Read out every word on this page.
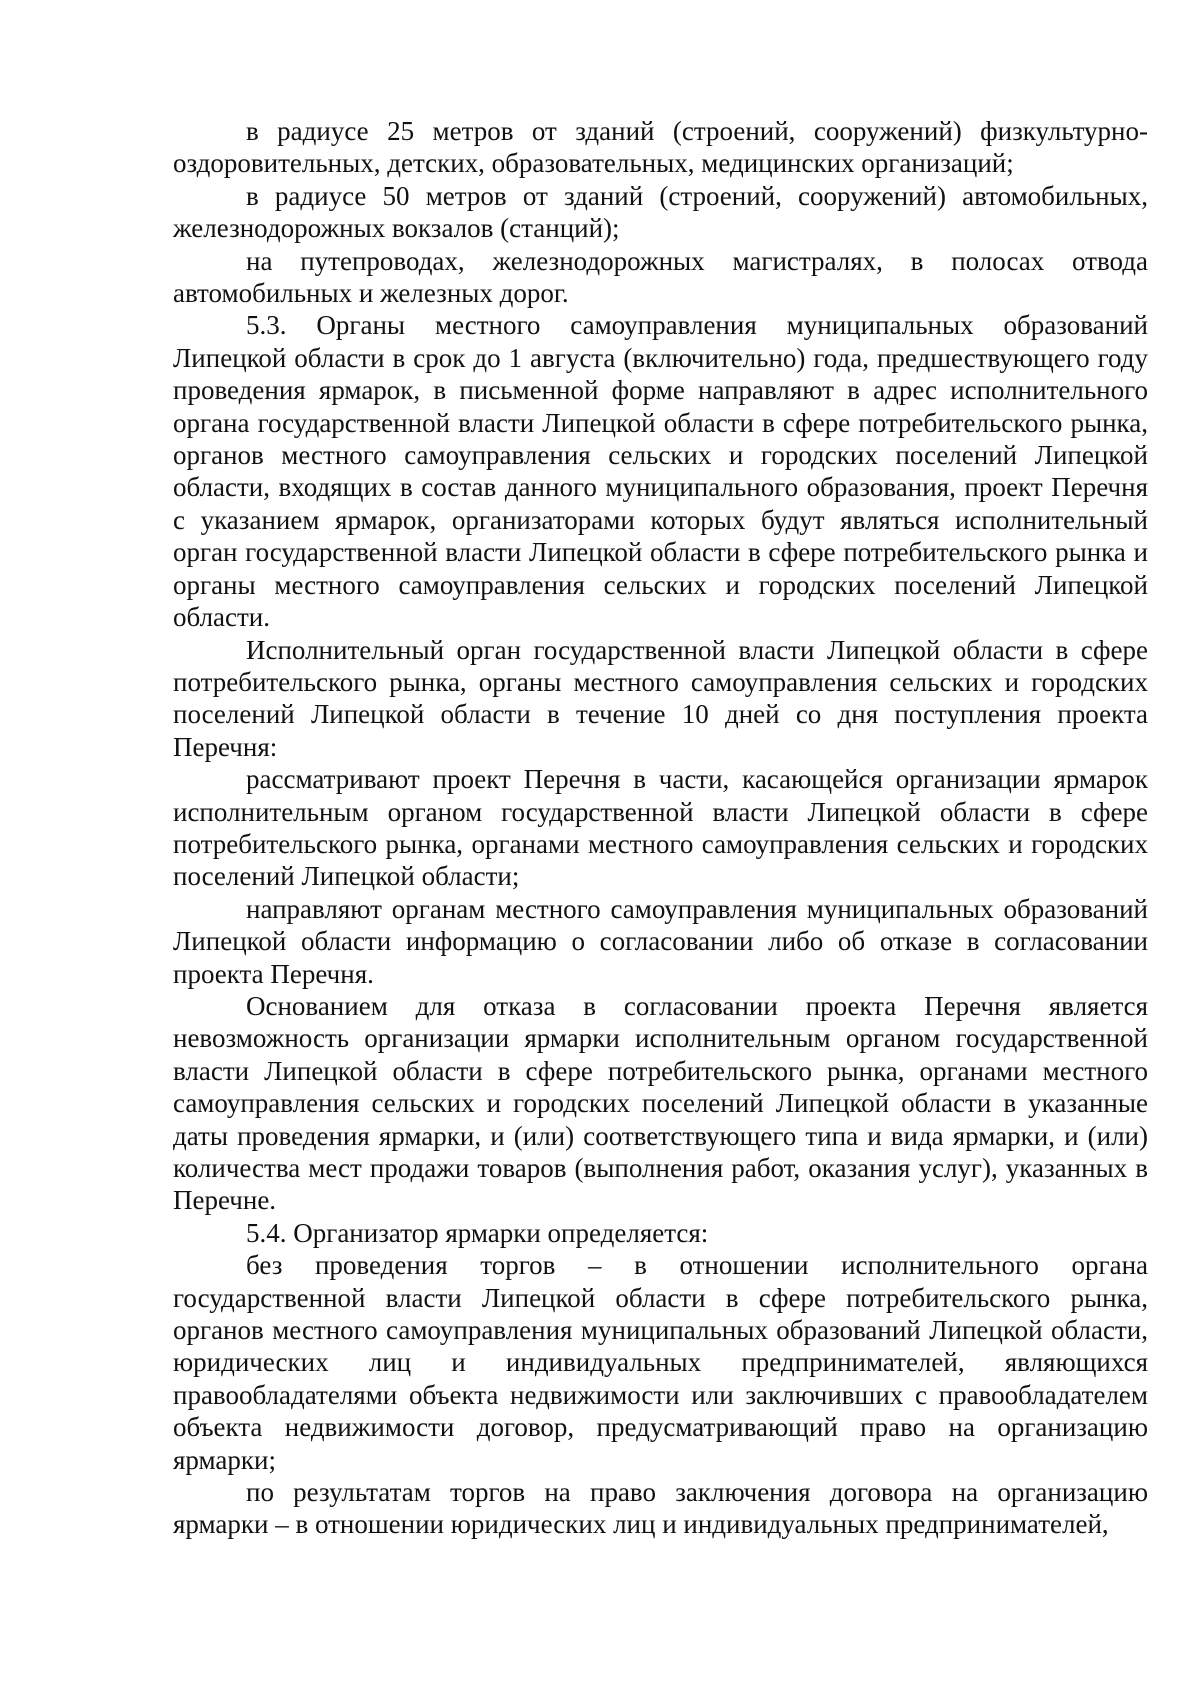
в радиусе 25 метров от зданий (строений, сооружений) физкультурно-оздоровительных, детских, образовательных, медицинских организаций;

в радиусе 50 метров от зданий (строений, сооружений) автомобильных, железнодорожных вокзалов (станций);

на путепроводах, железнодорожных магистралях, в полосах отвода автомобильных и железных дорог.

5.3. Органы местного самоуправления муниципальных образований Липецкой области в срок до 1 августа (включительно) года, предшествующего году проведения ярмарок, в письменной форме направляют в адрес исполнительного органа государственной власти Липецкой области в сфере потребительского рынка, органов местного самоуправления сельских и городских поселений Липецкой области, входящих в состав данного муниципального образования, проект Перечня с указанием ярмарок, организаторами которых будут являться исполнительный орган государственной власти Липецкой области в сфере потребительского рынка и органы местного самоуправления сельских и городских поселений Липецкой области.

Исполнительный орган государственной власти Липецкой области в сфере потребительского рынка, органы местного самоуправления сельских и городских поселений Липецкой области в течение 10 дней со дня поступления проекта Перечня:

рассматривают проект Перечня в части, касающейся организации ярмарок исполнительным органом государственной власти Липецкой области в сфере потребительского рынка, органами местного самоуправления сельских и городских поселений Липецкой области;

направляют органам местного самоуправления муниципальных образований Липецкой области информацию о согласовании либо об отказе в согласовании проекта Перечня.

Основанием для отказа в согласовании проекта Перечня является невозможность организации ярмарки исполнительным органом государственной власти Липецкой области в сфере потребительского рынка, органами местного самоуправления сельских и городских поселений Липецкой области в указанные даты проведения ярмарки, и (или) соответствующего типа и вида ярмарки, и (или) количества мест продажи товаров (выполнения работ, оказания услуг), указанных в Перечне.

5.4. Организатор ярмарки определяется:

без проведения торгов – в отношении исполнительного органа государственной власти Липецкой области в сфере потребительского рынка, органов местного самоуправления муниципальных образований Липецкой области, юридических лиц и индивидуальных предпринимателей, являющихся правообладателями объекта недвижимости или заключивших с правообладателем объекта недвижимости договор, предусматривающий право на организацию ярмарки;

по результатам торгов на право заключения договора на организацию ярмарки – в отношении юридических лиц и индивидуальных предпринимателей,
